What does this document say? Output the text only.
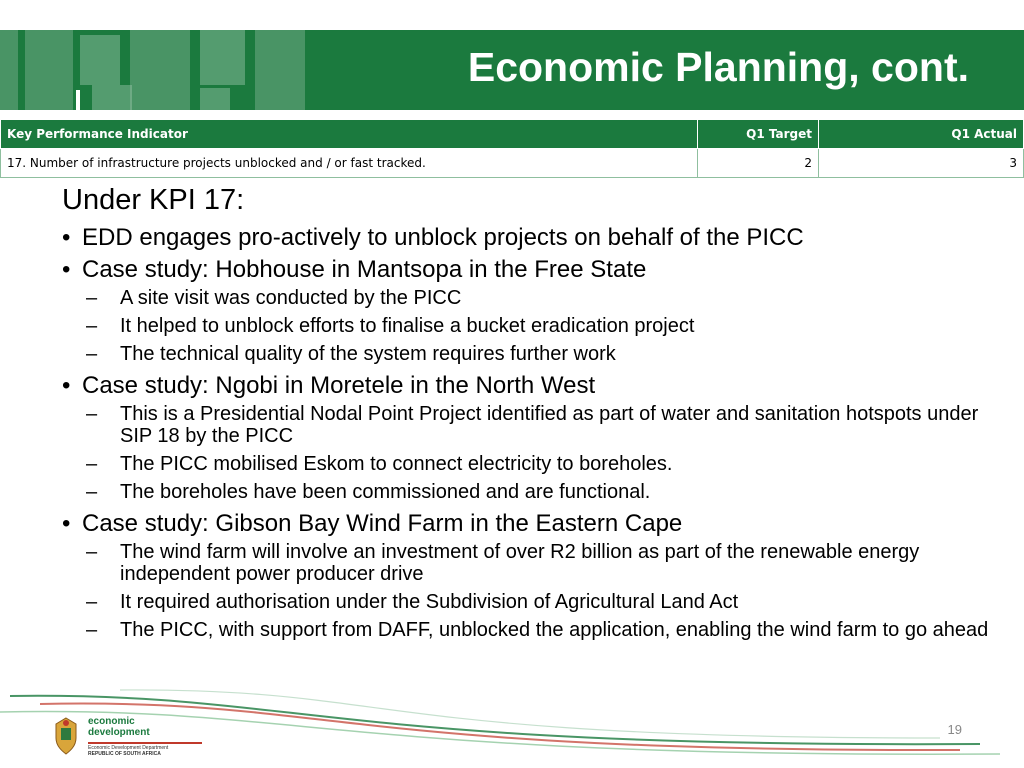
Economic Planning, cont.
Key Performance Indicator	Q1 Target	Q1 Actual
17. Number of infrastructure projects unblocked and / or fast tracked.	2	3
Under KPI 17:
• EDD engages pro-actively to unblock projects on behalf of the PICC
• Case study: Hobhouse in Mantsopa in the Free State
– A site visit was conducted by the PICC
– It helped to unblock efforts to finalise a bucket eradication project
– The technical quality of the system requires further work
• Case study: Ngobi in Moretele in the North West
– This is a Presidential Nodal Point Project identified as part of water and sanitation hotspots under SIP 18 by the PICC
– The PICC mobilised Eskom to connect electricity to boreholes.
– The boreholes have been commissioned and are functional.
• Case study: Gibson Bay Wind Farm in the Eastern Cape
– The wind farm will involve an investment of over R2 billion as part of the renewable energy independent power producer drive
– It required authorisation under the Subdivision of Agricultural Land Act
– The PICC, with support from DAFF, unblocked the application, enabling the wind farm to go ahead
economic
development
Economic Development Department
REPUBLIC OF SOUTH AFRICA
19
